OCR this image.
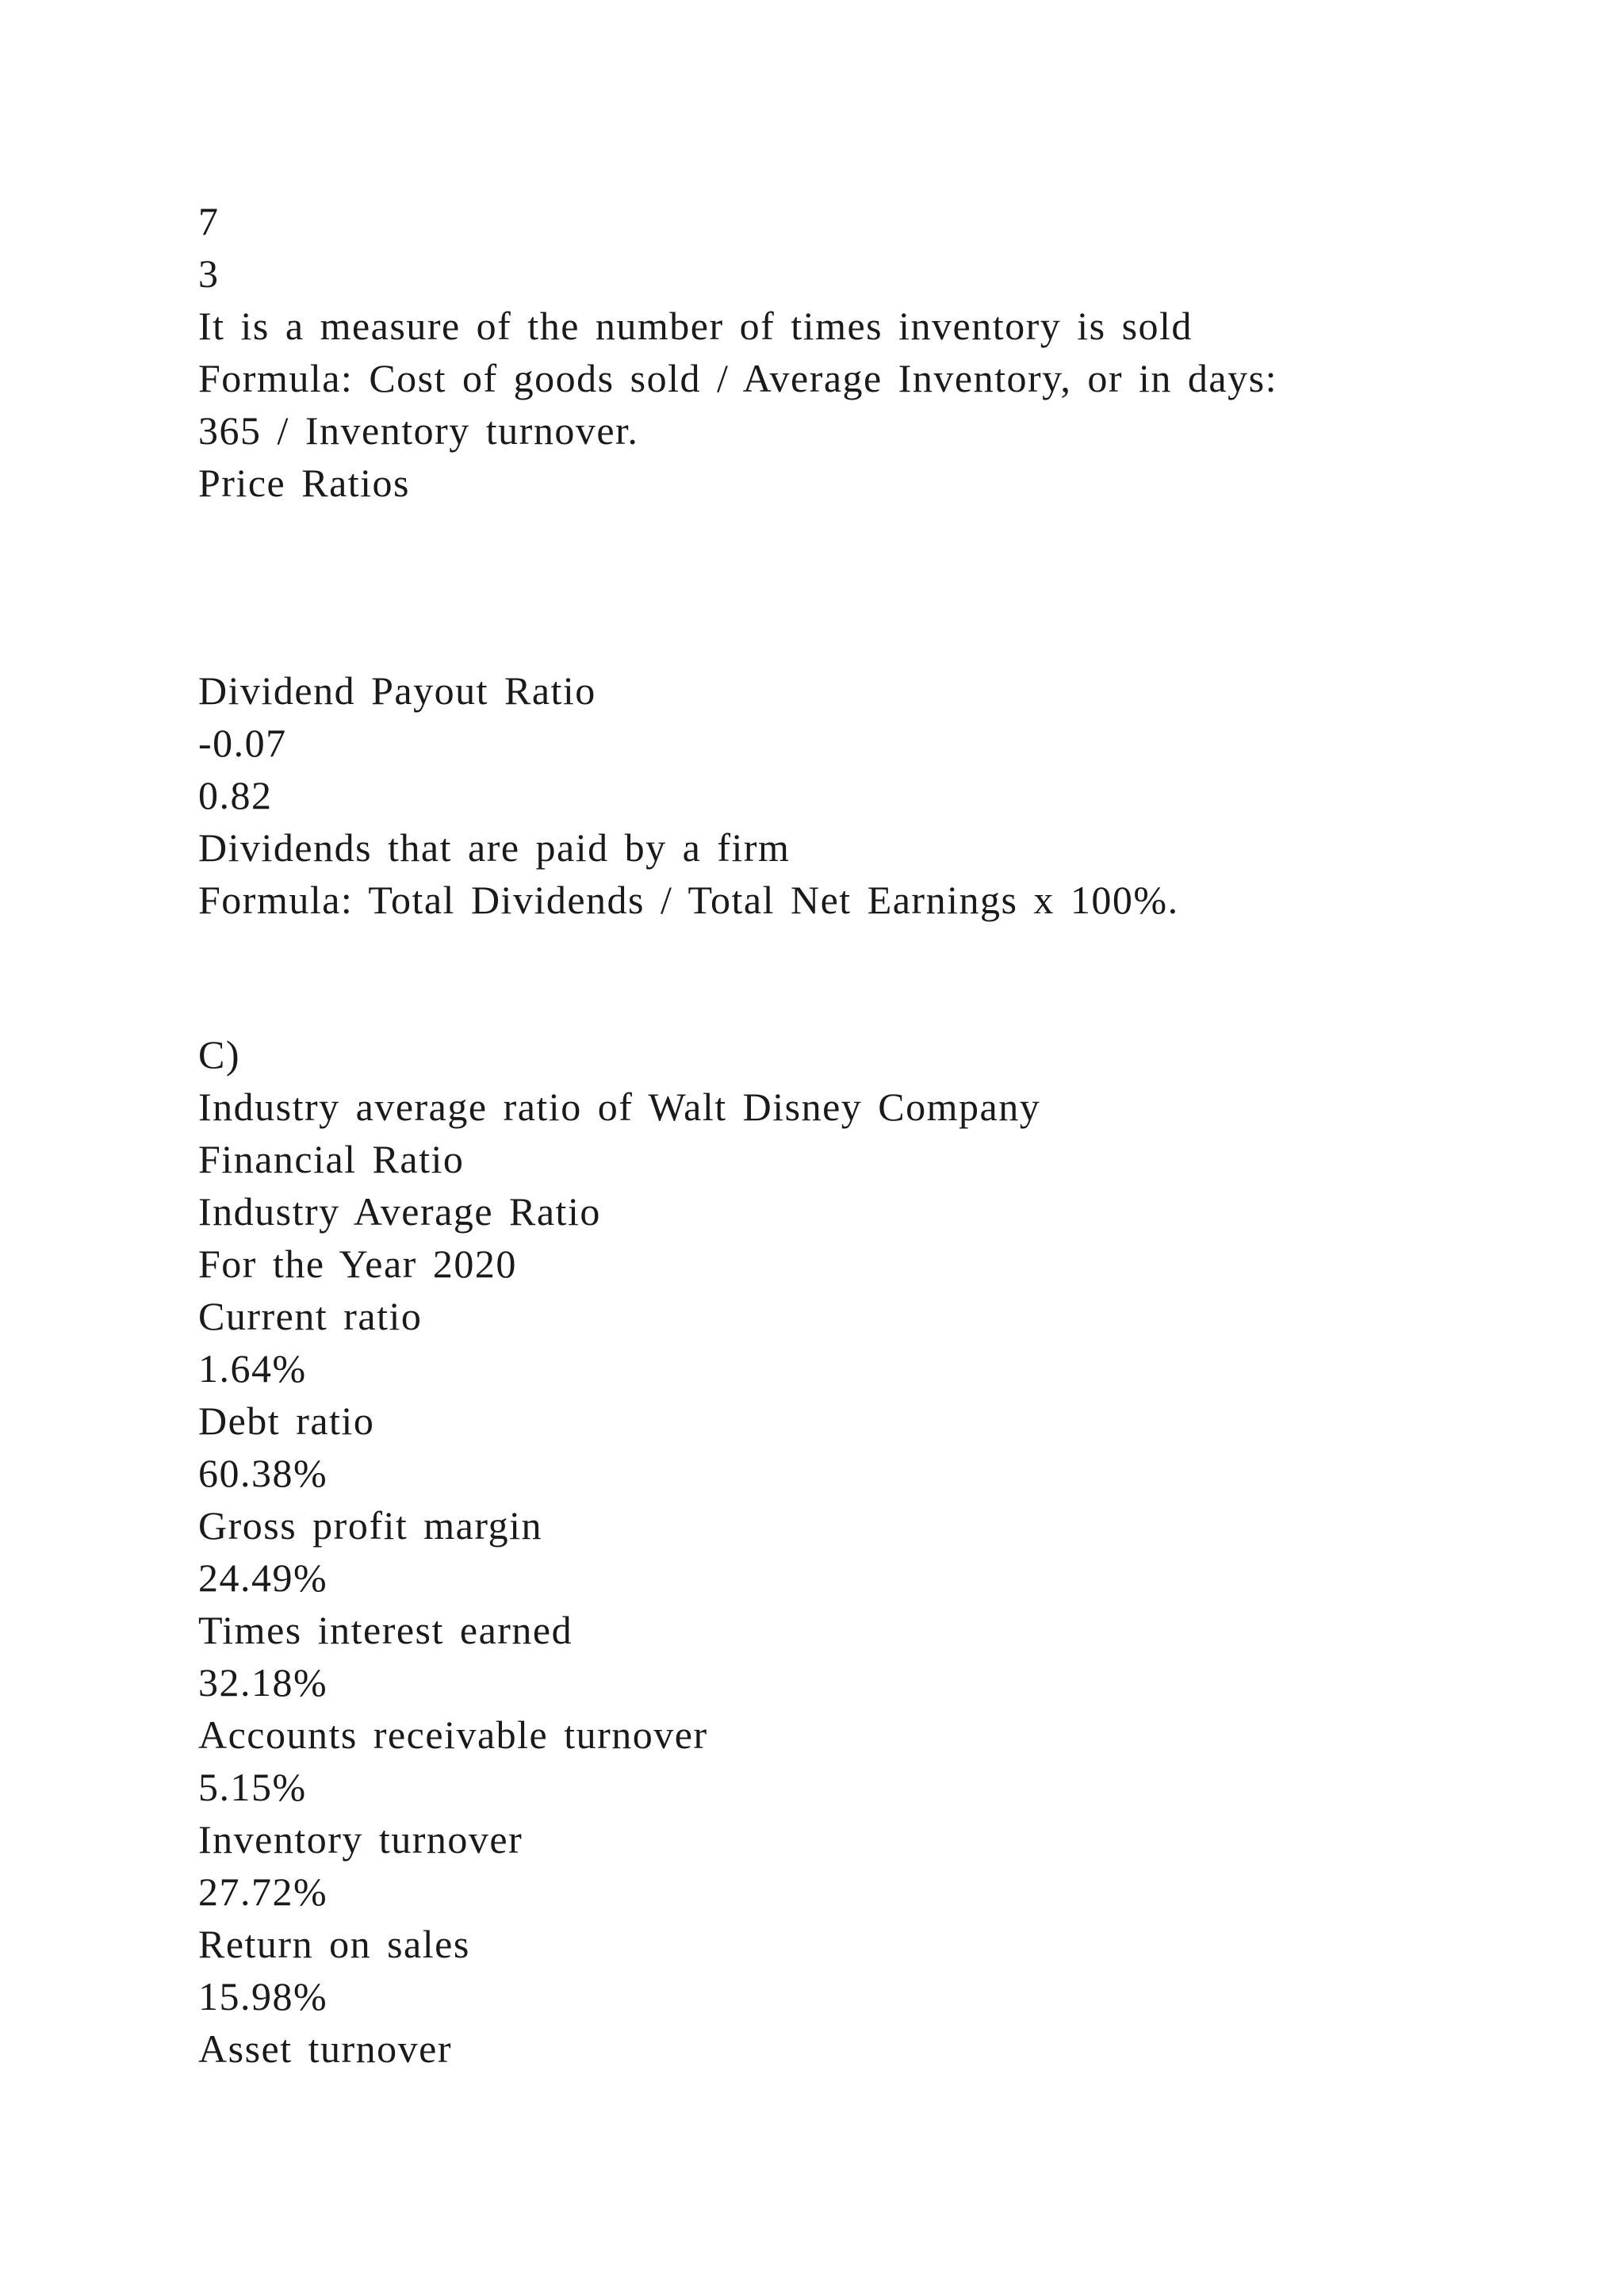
7
3
It is a measure of the number of times inventory is sold
Formula: Cost of goods sold / Average Inventory, or in days:
365 / Inventory turnover.
Price Ratios
Dividend Payout Ratio
-0.07
0.82
Dividends that are paid by a firm
Formula: Total Dividends / Total Net Earnings x 100%.
C)
Industry average ratio of Walt Disney Company
Financial Ratio
Industry Average Ratio
For the Year 2020
Current ratio
1.64%
Debt ratio
60.38%
Gross profit margin
24.49%
Times interest earned
32.18%
Accounts receivable turnover
5.15%
Inventory turnover
27.72%
Return on sales
15.98%
Asset turnover
